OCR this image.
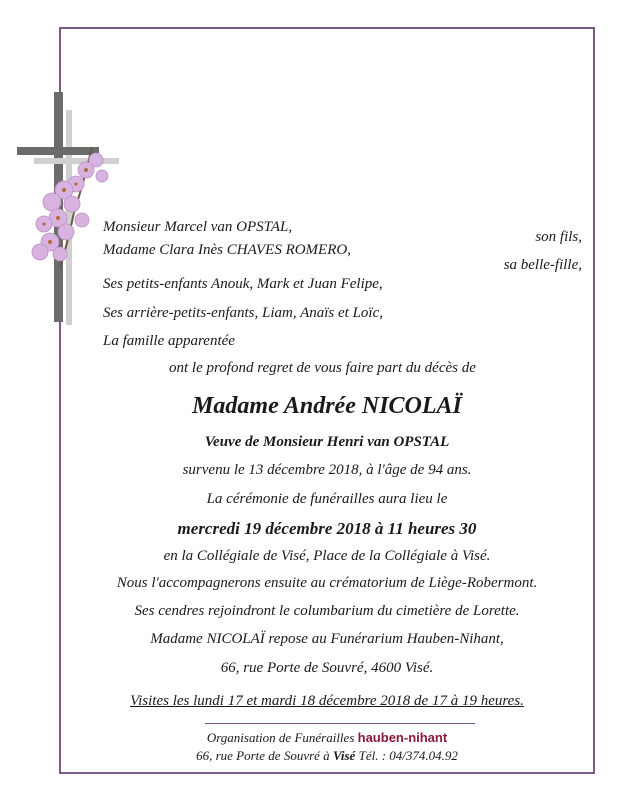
Monsieur Marcel van OPSTAL,
son fils,
Madame Clara Inès CHAVES ROMERO,
sa belle-fille,
Ses petits-enfants Anouk, Mark et Juan Felipe,
Ses arrière-petits-enfants, Liam, Anaïs et Loïc,
La famille apparentée
ont le profond regret de vous faire part du décès de
Madame Andrée NICOLAÏ
Veuve de Monsieur Henri van OPSTAL
survenu le 13 décembre 2018, à l'âge de 94 ans.
La cérémonie de funérailles aura lieu le
mercredi 19 décembre 2018 à 11 heures 30
en la Collégiale de Visé, Place de la Collégiale à Visé.
Nous l'accompagnerons ensuite au crématorium de Liège-Robermont.
Ses cendres rejoindront le columbarium du cimetière de Lorette.
Madame NICOLAÏ repose au Funérarium Hauben-Nihant,
66, rue Porte de Souvré, 4600 Visé.
Visites les lundi 17 et mardi 18 décembre 2018 de 17 à 19 heures.
Organisation de Funérailles hauben-nihant
66, rue Porte de Souvré à Visé Tél. : 04/374.04.92
